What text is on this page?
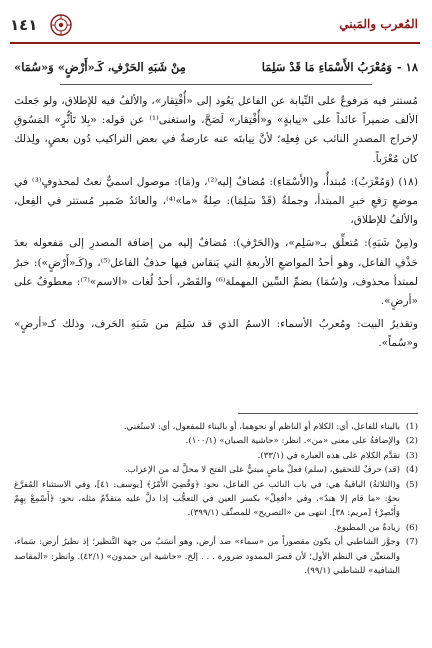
١٤١	المُعرب والمَبني
١٨ -
وَمُعْرَبُ الأَسْمَاءِ مَا قَدْ سَلِمَا
مِنْ شَبَهِ الحَرْفِ، كَـ«أَرْضٍ» وَ«سُمَا»

مُستتر فيه مَرفوعٌ على النِّيابة عن الفاعل يَعُود إلى «أُفْتِقار»، والألفُ فيه للإطلاق، ولو جَعلتَ الألف ضميراً عائداً على «نِيابةٍ» و«أُفْتِقار» لَصَحَّ، واستغنى⁽¹⁾ عن قوله: «بِلا تَأثُّرٍ» المَسُوقِ لإخراج المصدرِ النائب عن فِعلِه؛ لأنَّ نِيابتَه عنه عارضةٌ في بعض التراكيب دُون بعضٍ، ولِذلك كان مُعْرَباً.

(١٨) (وَمُعْرَبُ): مُبتدأٌ، و(الأَسْمَاءِ): مُضافٌ إليه⁽²⁾، و(مَا): موصول اسميٌّ نعتٌ لمحذوفٍ⁽³⁾ في موضعِ رَفعِ خبرِ المبتدأ، وجملةُ (قَدْ سَلِمَا): صِلةُ «ما»⁽⁴⁾، والعائدُ ضَمير مُستتر في الفِعل، والألفُ للإطلاق،

و(مِنْ شَبَهِ): مُتعلِّق بـ«سَلِم»، و(الحَرْفِ): مُضافٌ إليه من إضافة المصدرِ إلى مَفعوله بعدَ حَذْفِ الفاعل، وهو أحدُ المواضعِ الأربعةِ التي يَنقاس فيها حذفُ الفاعل⁽⁵⁾، و(كَـ«أَرْضٍ»): خبرٌ لمبتدأ محذوف، و(سُمَا) بضمِّ السِّين المهملة⁽⁶⁾ والقَصْر، أحدُ لُغات «الاسم»⁽⁷⁾: معطوفٌ على «أرضٍ».

وتقديرُ البيت: ومُعربُ الأسماء: الاسمُ الذي قد سَلِمَ من شَبَهِ الحَرف، وذلك كـ«أرضٍ» و«سُماً».

(1)
بالبناء للفاعل، أي: الكلام أو الناظم أو نحوهما، أو بالبناء للمفعول، أي: لاستُغني.
(2)
والإضافةُ على معنى «من». انظر: «حاشية الصبان» (١٠٠/١).
(3)
تقدَّم الكلام على هذه العبارة في (٣٣/١).
(4)
(قد) حرفٌ للتحقيق، (سلم) فعلٌ ماضٍ مبنيٌّ على الفتح لا محلَّ له من الإعراب.
(5)
و(الثلاثةُ) الباقيةُ هي: في باب النائب عن الفاعل، نحو: ﴿وَقُضِيَ الأَمْرُ﴾ [يوسف: ٤١]، وفي الاستثناء المُفرَّغ نحوُ: «ما قام إلا هندٌ»، وفي «أفعِلْ» بكسر العين في التعجُّب إذا دلَّ عليه متقدِّمٌ مثله، نحو: ﴿أَسْمِعْ بِهِمْ وَأَبْصِرْ﴾ [مريم: ٣٨]. انتهى من «التصريح» للمصنِّف (٣٩٩/١).
(6)
زيادةٌ من المطبوع.
(7)
وجوَّز الشاطبي أن يكون مقصوراً من «سماء» ضد أرض، وهو أنسَبُ من جهة التَّنظير؛ إذ نظيرُ أرض: سَماء، والمتعيِّن في النظم الأول؛ لأن قصرَ الممدود ضرورة . . . إلخ. «حاشية ابن حمدون» (٤٢/١). وانظر: «المقاصد الشافية» للشاطبي (٩٩/١).
